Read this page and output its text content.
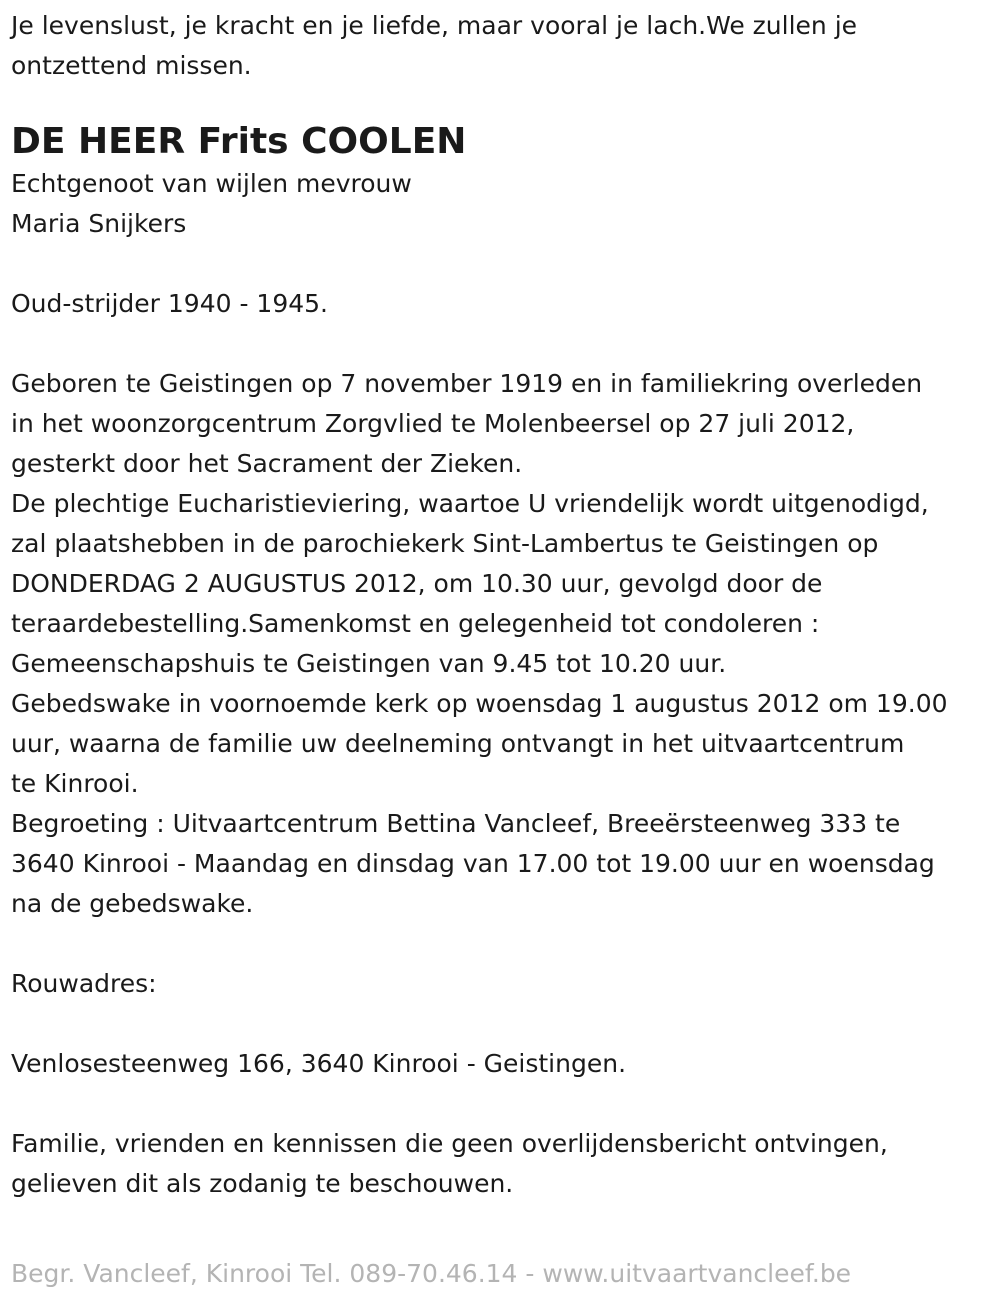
Je levenslust, je kracht en je liefde, maar vooral je lach.We zullen je

ontzettend missen.

DE HEER Frits COOLEN

Echtgenoot van wijlen mevrouw

Maria Snijkers

Oud-strijder 1940 - 1945.

Geboren te Geistingen op 7 november 1919 en in familiekring overleden

in het woonzorgcentrum Zorgvlied te Molenbeersel op 27 juli 2012,

gesterkt door het Sacrament der Zieken.

De plechtige Eucharistieviering, waartoe U vriendelijk wordt uitgenodigd,

zal plaatshebben in de parochiekerk Sint-Lambertus te Geistingen op

DONDERDAG 2 AUGUSTUS 2012, om 10.30 uur, gevolgd door de

teraardebestelling.Samenkomst en gelegenheid tot condoleren :

Gemeenschapshuis te Geistingen van 9.45 tot 10.20 uur.

Gebedswake in voornoemde kerk op woensdag 1 augustus 2012 om 19.00

uur, waarna de familie uw deelneming ontvangt in het uitvaartcentrum

te Kinrooi.

Begroeting : Uitvaartcentrum Bettina Vancleef, Breeërsteenweg 333 te

3640 Kinrooi - Maandag en dinsdag van 17.00 tot 19.00 uur en woensdag

na de gebedswake.

Rouwadres:

Venlosesteenweg 166, 3640 Kinrooi - Geistingen.

Familie, vrienden en kennissen die geen overlijdensbericht ontvingen,

gelieven dit als zodanig te beschouwen.

Begr. Vancleef, Kinrooi Tel. 089-70.46.14 - www.uitvaartvancleef.be
